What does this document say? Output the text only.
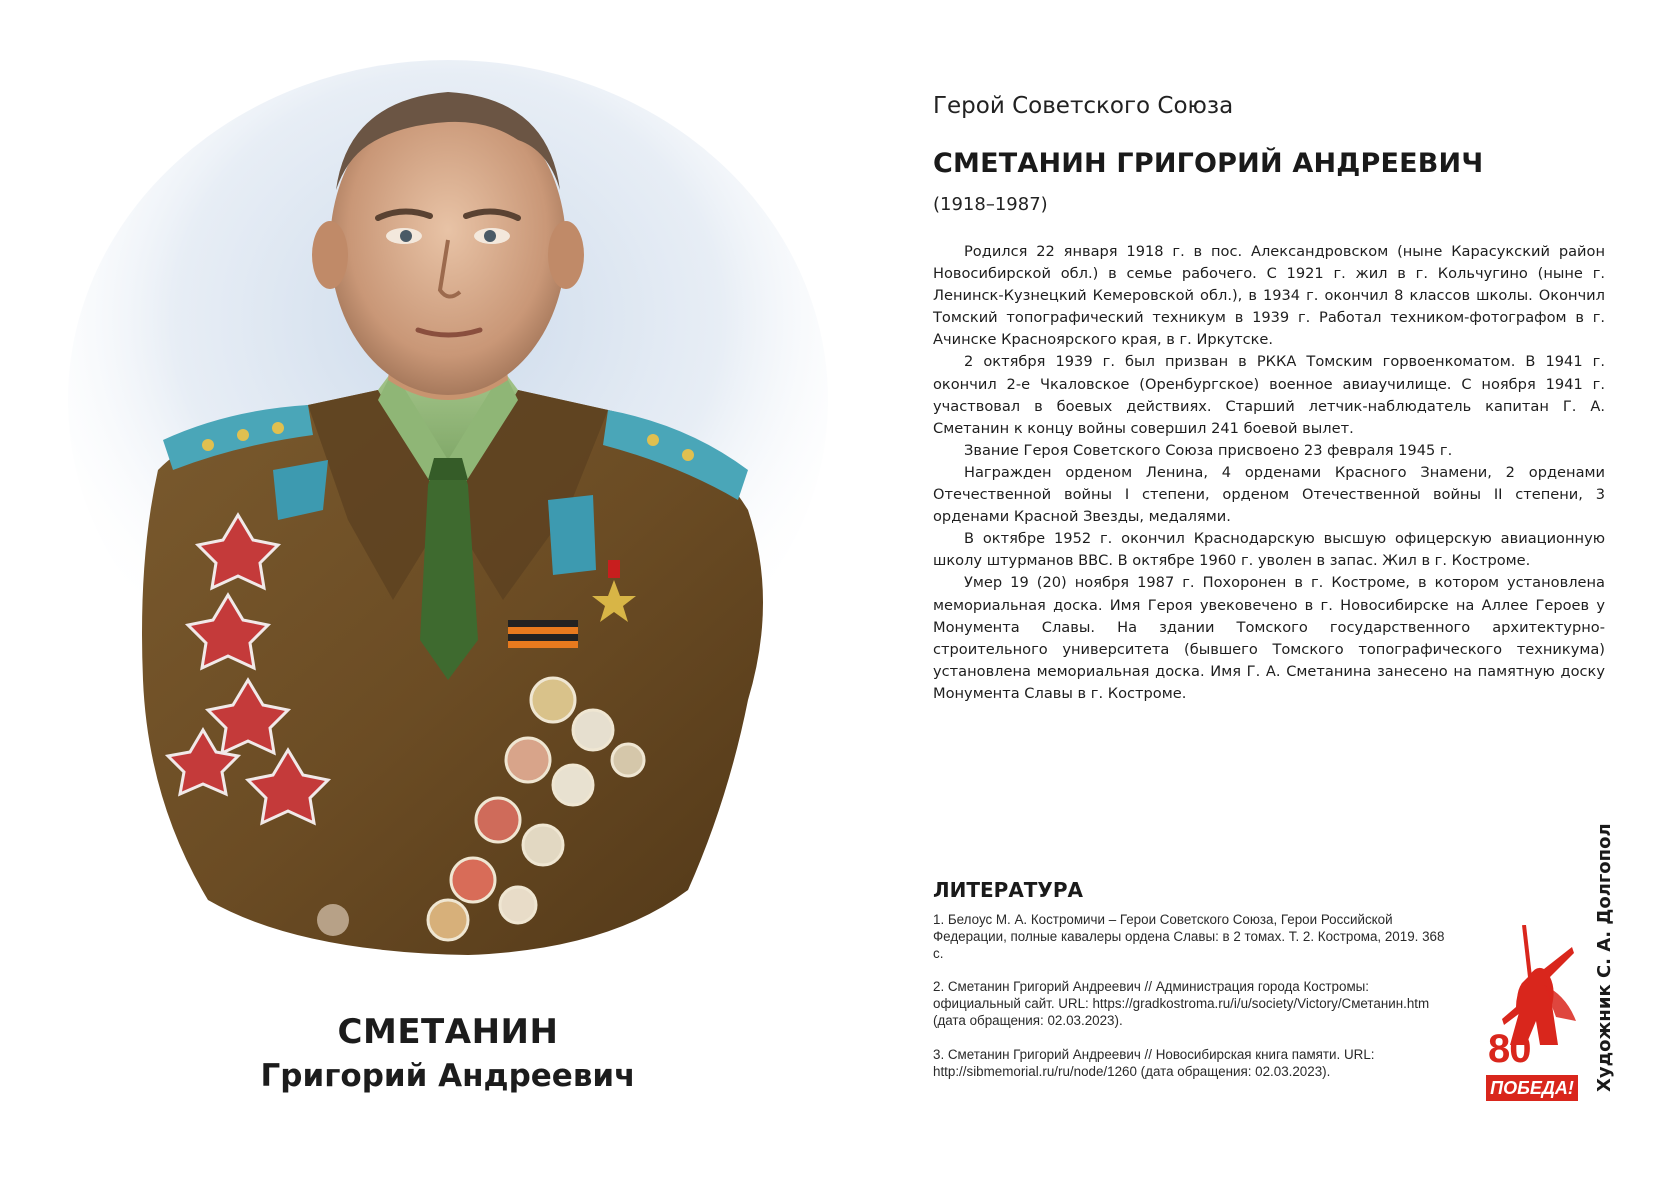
СМЕТАНИН
Григорий Андреевич
Герой Советского Союза
СМЕТАНИН ГРИГОРИЙ АНДРЕЕВИЧ
(1918–1987)

Родился 22 января 1918 г. в пос. Александровском (ныне Карасукский район Новосибирской обл.) в семье рабочего. С 1921 г. жил в г. Кольчугино (ныне г. Ленинск-Кузнецкий Кемеровской обл.), в 1934 г. окончил 8 классов школы. Окончил Томский топографический техникум в 1939 г. Работал техником-фотографом в г. Ачинске Красноярского края, в г. Иркутске.

2 октября 1939 г. был призван в РККА Томским горвоенкоматом. В 1941 г. окончил 2-е Чкаловское (Оренбургское) военное авиаучилище. С ноября 1941 г. участвовал в боевых действиях. Старший летчик-наблюдатель капитан Г. А. Сметанин к концу войны совершил 241 боевой вылет.

Звание Героя Советского Союза присвоено 23 февраля 1945 г.

Награжден орденом Ленина, 4 орденами Красного Знамени, 2 орденами Отечественной войны I степени, орденом Отечественной войны II степени, 3 орденами Красной Звезды, медалями.

В октябре 1952 г. окончил Краснодарскую высшую офицерскую авиационную школу штурманов ВВС. В октябре 1960 г. уволен в запас. Жил в г. Костроме.

Умер 19 (20) ноября 1987 г. Похоронен в г. Костроме, в котором установлена мемориальная доска. Имя Героя увековечено в г. Новосибирске на Аллее Героев у Монумента Славы. На здании Томского государственного архитектурно-строительного университета (бывшего Томского топографического техникума) установлена мемориальная доска. Имя Г. А. Сметанина занесено на памятную доску Монумента Славы в г. Костроме.

ЛИТЕРАТУРА
1. Белоус М. А. Костромичи – Герои Советского Союза, Герои Российской Федерации, полные кавалеры ордена Славы: в 2 томах. Т. 2. Кострома, 2019. 368 с.
2. Сметанин Григорий Андреевич // Администрация города Костромы: официальный сайт. URL: https://gradkostroma.ru/i/u/society/Victory/Сметанин.htm (дата обращения: 02.03.2023).
3. Сметанин Григорий Андреевич // Новосибирская книга памяти. URL: http://sibmemorial.ru/ru/node/1260 (дата обращения: 02.03.2023).
80
ПОБЕДА! Художник С. А. Долгопол
